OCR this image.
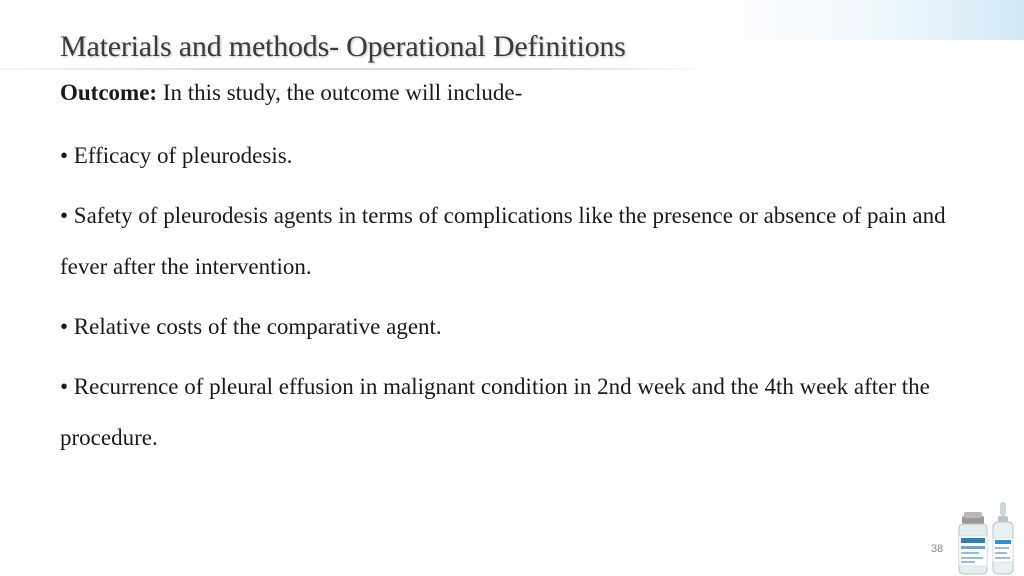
Materials and methods- Operational Definitions
Outcome: In this study, the outcome will include-
• Efficacy of pleurodesis.
• Safety of pleurodesis agents in terms of complications like the presence or absence of pain and fever after the intervention.
• Relative costs of the comparative agent.
• Recurrence of pleural effusion in malignant condition in 2nd week and the 4th week after the procedure.
38
